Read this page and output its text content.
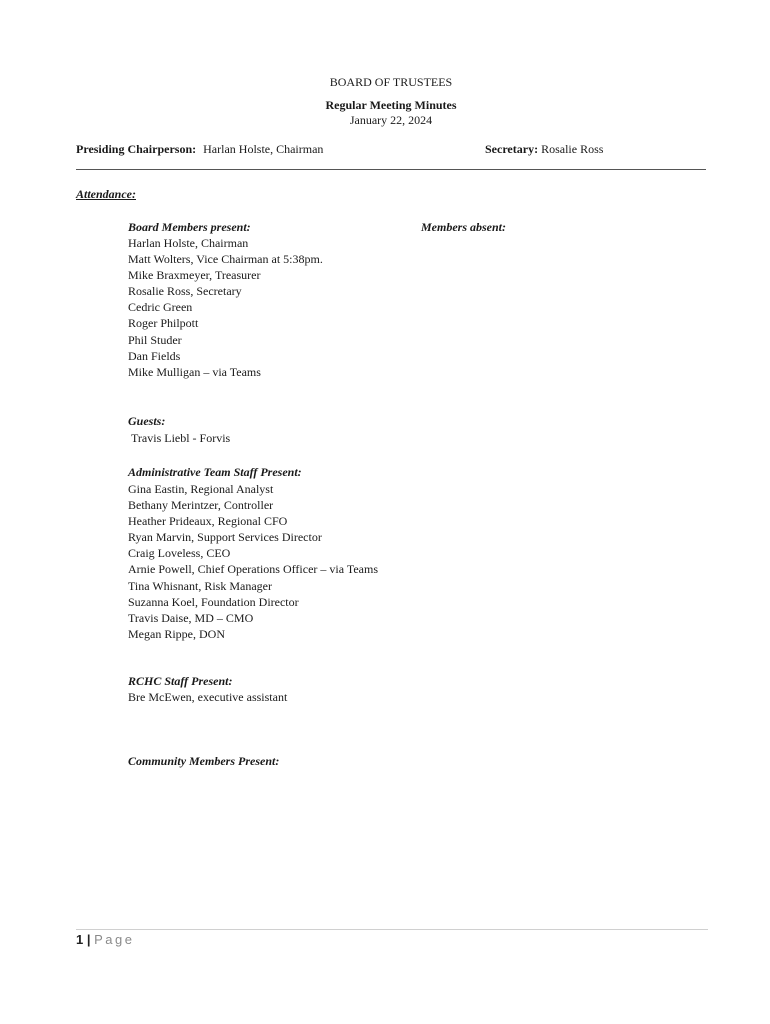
BOARD OF TRUSTEES
Regular Meeting Minutes
January 22, 2024
Presiding Chairperson: Harlan Holste, Chairman	Secretary: Rosalie Ross
Attendance:
Board Members present:	Members absent:
Harlan Holste, Chairman
Matt Wolters, Vice Chairman at 5:38pm.
Mike Braxmeyer, Treasurer
Rosalie Ross, Secretary
Cedric Green
Roger Philpott
Phil Studer
Dan Fields
Mike Mulligan – via Teams
Guests:
Travis Liebl - Forvis
Administrative Team Staff Present:
Gina Eastin, Regional Analyst
Bethany Merintzer, Controller
Heather Prideaux, Regional CFO
Ryan Marvin, Support Services Director
Craig Loveless, CEO
Arnie Powell, Chief Operations Officer – via Teams
Tina Whisnant, Risk Manager
Suzanna Koel, Foundation Director
Travis Daise, MD – CMO
Megan Rippe, DON
RCHC Staff Present:
Bre McEwen, executive assistant
Community Members Present:
1 | Page
